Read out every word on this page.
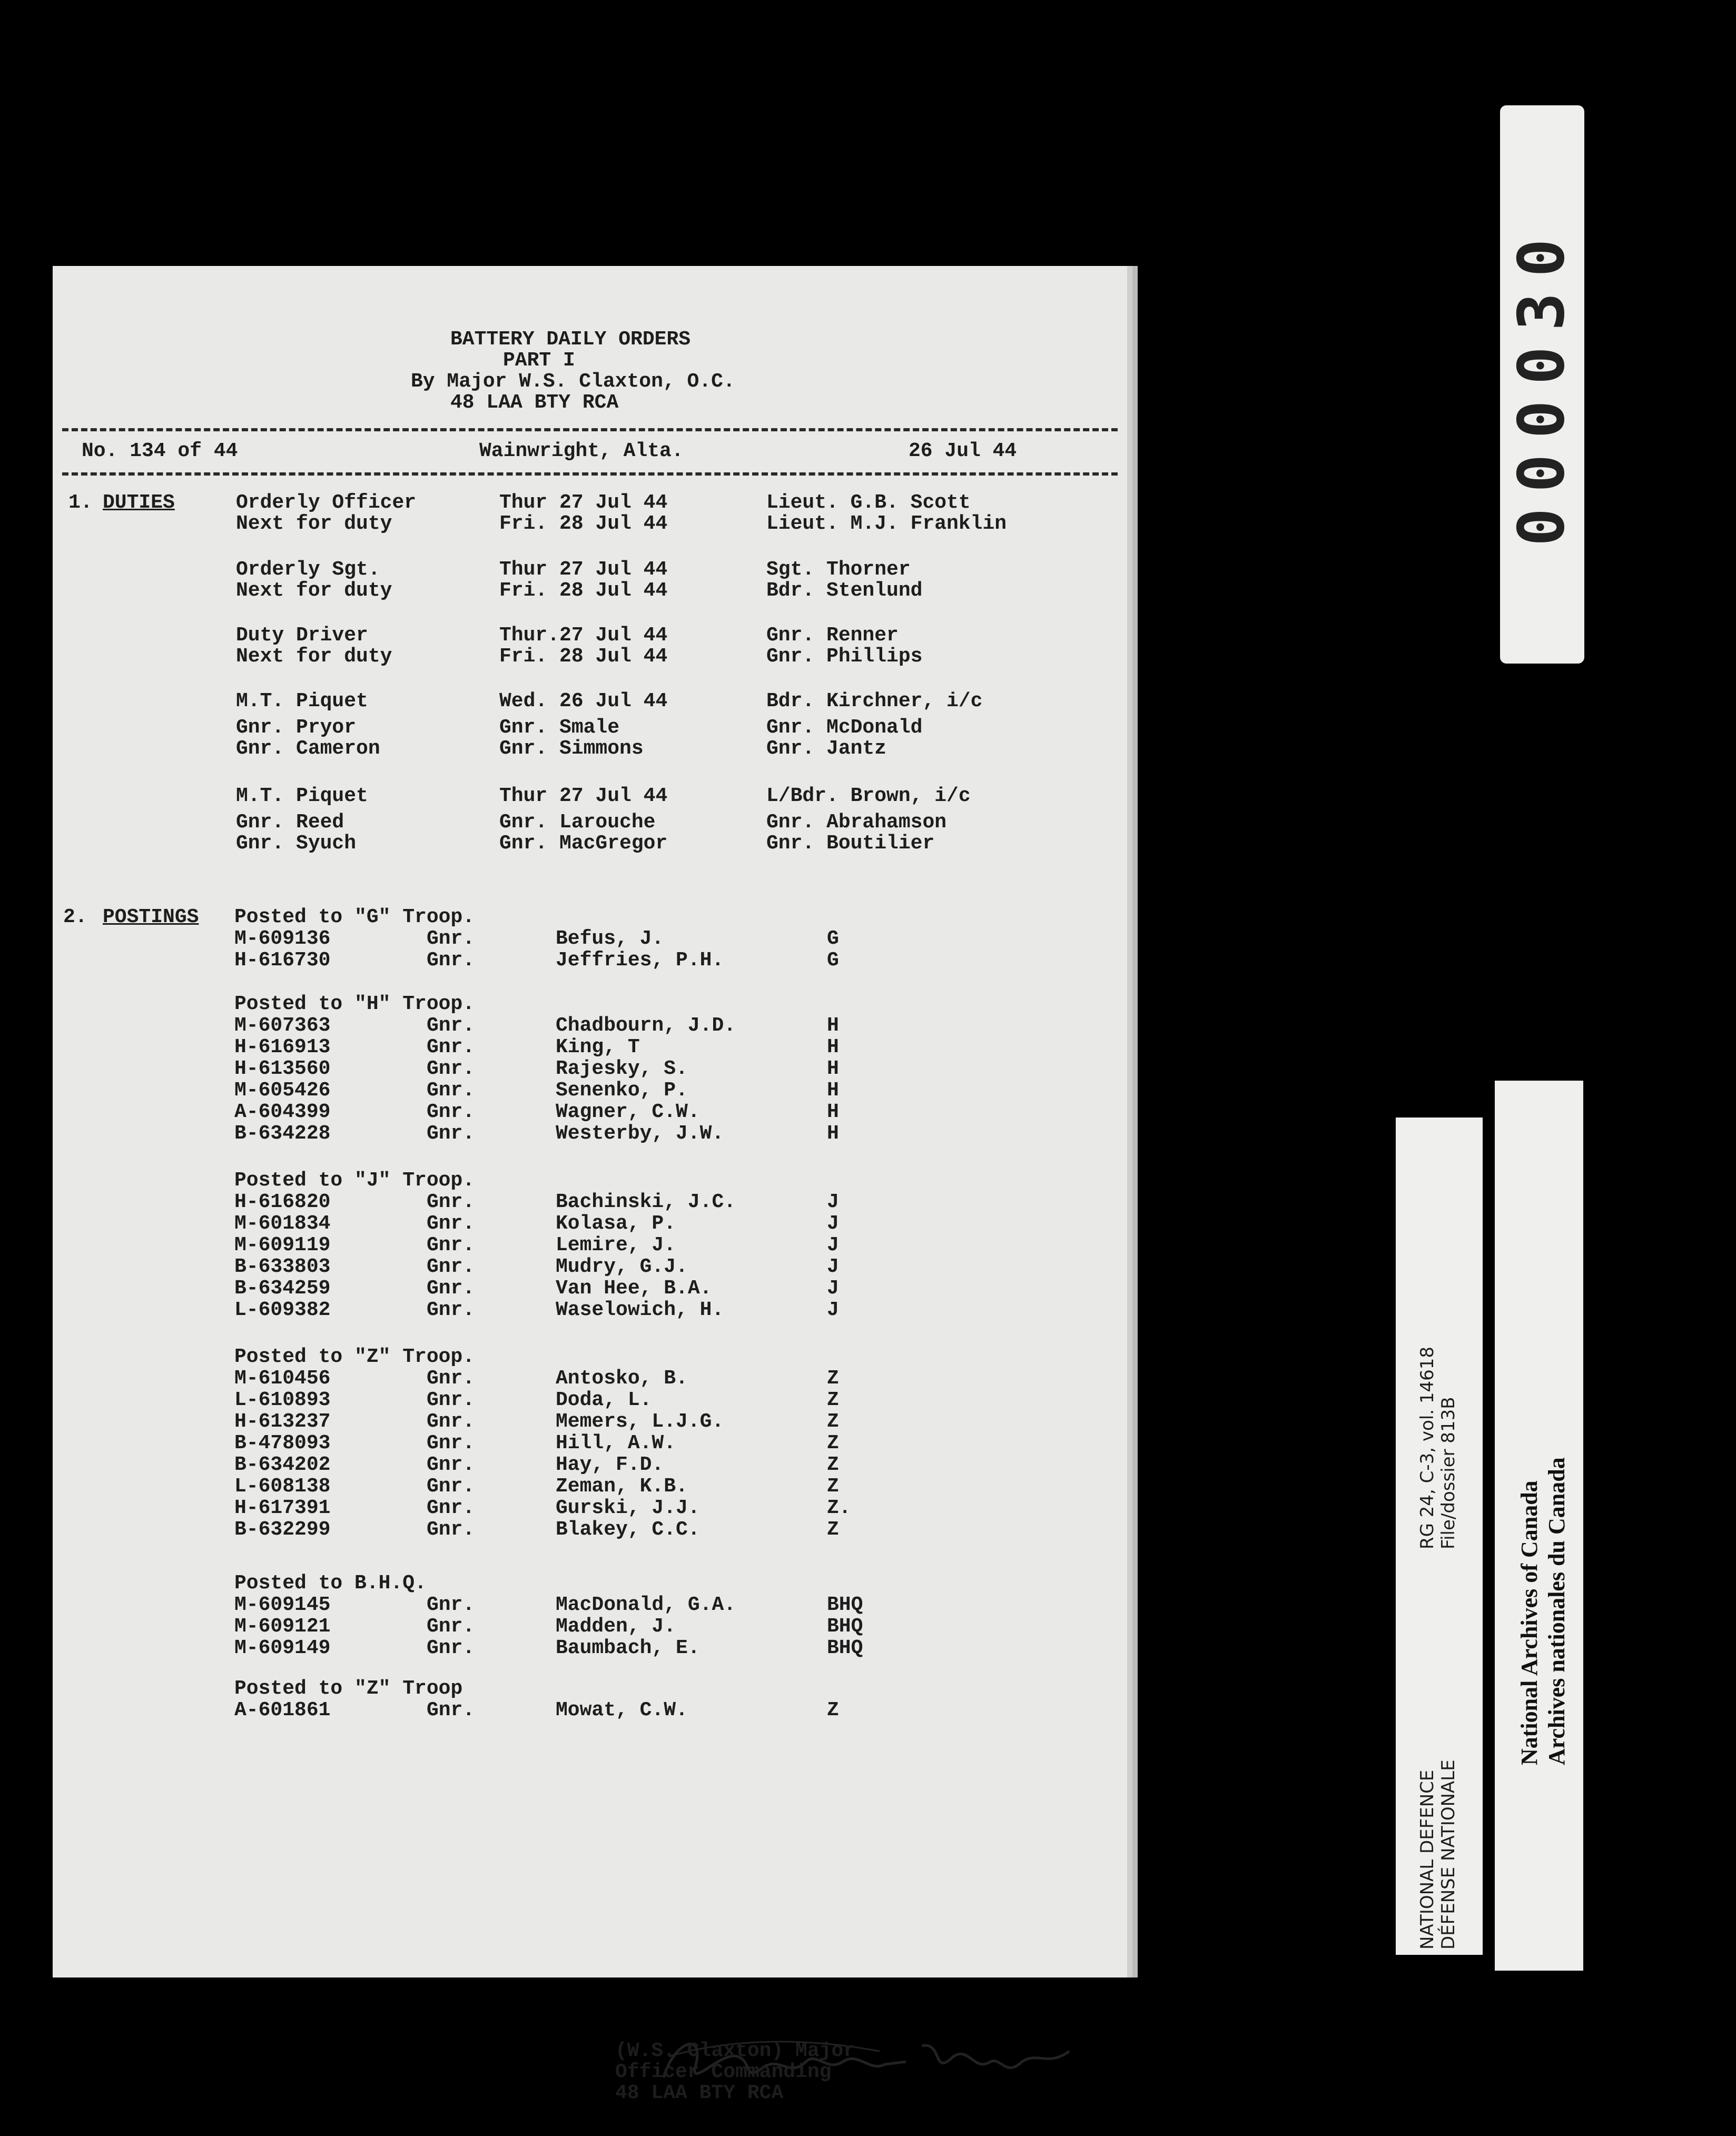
BATTERY DAILY ORDERS
PART I
By Major W.S. Claxton, O.C.
48 LAA BTY RCA
No. 134 of 44	Wainwright, Alta.	26 Jul 44
1. DUTIES
2. POSTINGS
(W.S. Claxton) Major
Officer Commanding
48 LAA BTY RCA
Orderly Officer	Thur 27 Jul 44	Lieut. G.B. Scott
Next for duty	Fri. 28 Jul 44	Lieut. M.J. Franklin
Orderly Sgt.	Thur 27 Jul 44	Sgt. Thorner
Next for duty	Fri. 28 Jul 44	Bdr. Stenlund
Duty Driver	Thur.27 Jul 44	Gnr. Renner
Next for duty	Fri. 28 Jul 44	Gnr. Phillips
M.T. Piquet	Wed. 26 Jul 44	Bdr. Kirchner, i/c
Gnr. Pryor	Gnr. Smale	Gnr. McDonald
Gnr. Cameron	Gnr. Simmons	Gnr. Jantz
M.T. Piquet	Thur 27 Jul 44	L/Bdr. Brown, i/c
Gnr. Reed	Gnr. Larouche	Gnr. Abrahamson
Gnr. Syuch	Gnr. MacGregor	Gnr. Boutilier
Posted to "G" Troop.
M-609136	Gnr.	Befus, J.	G
H-616730	Gnr.	Jeffries, P.H.	G
Posted to "H" Troop.
M-607363	Gnr.	Chadbourn, J.D.	H
H-616913	Gnr.	King, T	H
H-613560	Gnr.	Rajesky, S.	H
M-605426	Gnr.	Senenko, P.	H
A-604399	Gnr.	Wagner, C.W.	H
B-634228	Gnr.	Westerby, J.W.	H
Posted to "J" Troop.
H-616820	Gnr.	Bachinski, J.C.	J
M-601834	Gnr.	Kolasa, P.	J
M-609119	Gnr.	Lemire, J.	J
B-633803	Gnr.	Mudry, G.J.	J
B-634259	Gnr.	Van Hee, B.A.	J
L-609382	Gnr.	Waselowich, H.	J
Posted to "Z" Troop.
M-610456	Gnr.	Antosko, B.	Z
L-610893	Gnr.	Doda, L.	Z
H-613237	Gnr.	Memers, L.J.G.	Z
B-478093	Gnr.	Hill, A.W.	Z
B-634202	Gnr.	Hay, F.D.	Z
L-608138	Gnr.	Zeman, K.B.	Z
H-617391	Gnr.	Gurski, J.J.	Z.
B-632299	Gnr.	Blakey, C.C.	Z
Posted to B.H.Q.
M-609145	Gnr.	MacDonald, G.A.	BHQ
M-609121	Gnr.	Madden, J.	BHQ
M-609149	Gnr.	Baumbach, E.	BHQ
Posted to "Z" Troop
A-601861	Gnr.	Mowat, C.W.	Z
000030
RG 24, C-3, vol. 14618 File/dossier 813B
NATIONAL DEFENCE DÉFENSE NATIONALE
National Archives of Canada Archives nationales du Canada
